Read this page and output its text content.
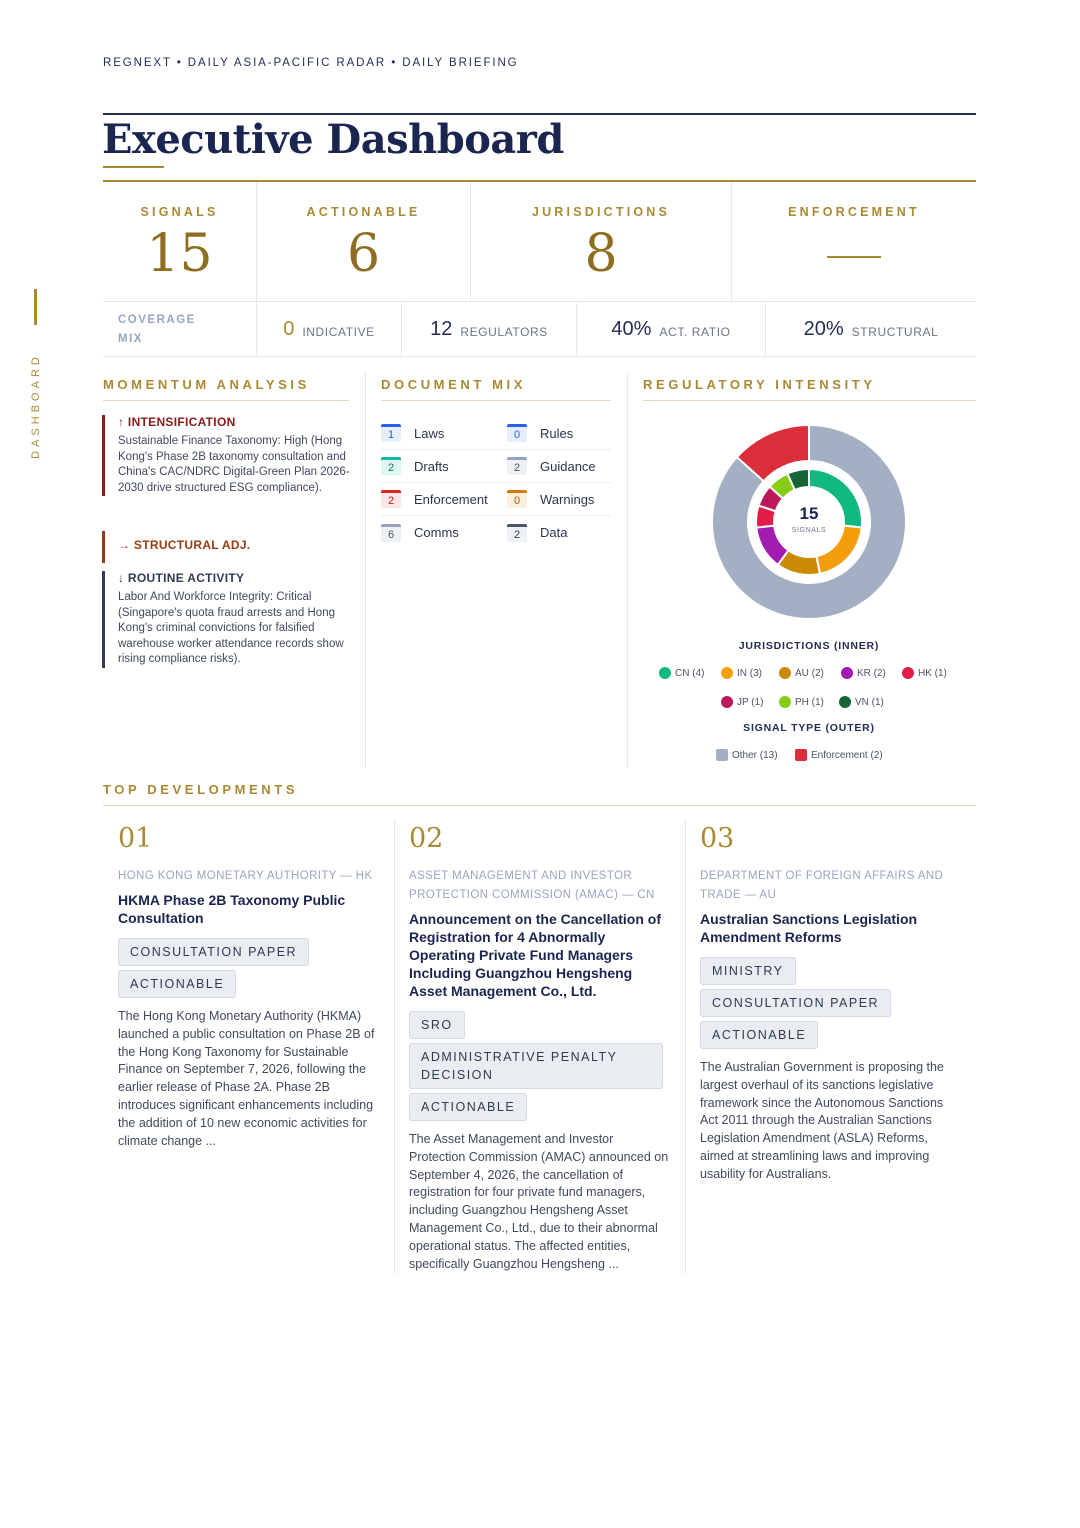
REGNEXT • DAILY ASIA-PACIFIC RADAR • DAILY BRIEFING
DASHBOARD
Executive Dashboard
SIGNALS
15
ACTIONABLE
6
JURISDICTIONS
8
ENFORCEMENT
COVERAGE MIX	0 INDICATIVE	12 REGULATORS	40% ACT. RATIO	20% STRUCTURAL
MOMENTUM ANALYSIS	DOCUMENT MIX	REGULATORY INTENSITY
↑ INTENSIFICATION
Sustainable Finance Taxonomy: High (Hong Kong's Phase 2B taxonomy consultation and China's CAC/NDRC Digital-Green Plan 2026-2030 drive structured ESG compliance).
→ STRUCTURAL ADJ.
↓ ROUTINE ACTIVITY
Labor And Workforce Integrity: Critical (Singapore's quota fraud arrests and Hong Kong's criminal convictions for falsified warehouse worker attendance records show rising compliance risks).
1	Laws	0	Rules
2	Drafts	2	Guidance
2	Enforcement	0	Warnings
6	Comms	2	Data
15
SIGNALS
JURISDICTIONS (INNER)
CN (4)	IN (3)	AU (2)	KR (2)	HK (1)
JP (1)	PH (1)	VN (1)
SIGNAL TYPE (OUTER)
Other (13)	Enforcement (2)
TOP DEVELOPMENTS
01
HONG KONG MONETARY AUTHORITY — HK
HKMA Phase 2B Taxonomy Public Consultation
CONSULTATION PAPER
ACTIONABLE
The Hong Kong Monetary Authority (HKMA) launched a public consultation on Phase 2B of the Hong Kong Taxonomy for Sustainable Finance on September 7, 2026, following the earlier release of Phase 2A. Phase 2B introduces significant enhancements including the addition of 10 new economic activities for climate change ...
02
ASSET MANAGEMENT AND INVESTOR PROTECTION COMMISSION (AMAC) — CN
Announcement on the Cancellation of Registration for 4 Abnormally Operating Private Fund Managers Including Guangzhou Hengsheng Asset Management Co., Ltd.
SRO
ADMINISTRATIVE PENALTY DECISION
ACTIONABLE
The Asset Management and Investor Protection Commission (AMAC) announced on September 4, 2026, the cancellation of registration for four private fund managers, including Guangzhou Hengsheng Asset Management Co., Ltd., due to their abnormal operational status. The affected entities, specifically Guangzhou Hengsheng ...
03
DEPARTMENT OF FOREIGN AFFAIRS AND TRADE — AU
Australian Sanctions Legislation Amendment Reforms
MINISTRY
CONSULTATION PAPER
ACTIONABLE
The Australian Government is proposing the largest overhaul of its sanctions legislative framework since the Autonomous Sanctions Act 2011 through the Australian Sanctions Legislation Amendment (ASLA) Reforms, aimed at streamlining laws and improving usability for Australians.
